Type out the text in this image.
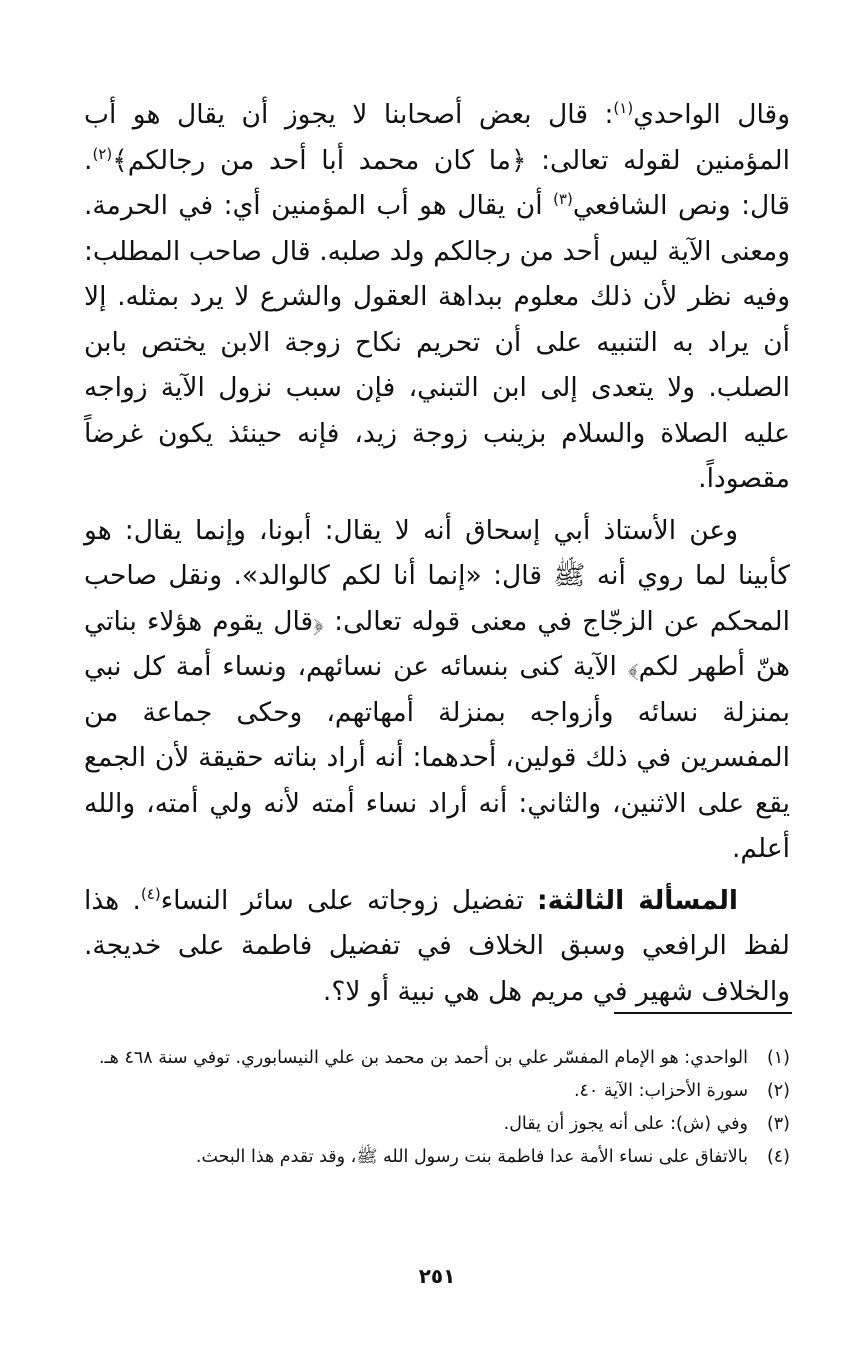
وقال الواحدي$^{(١)}$: قال بعض أصحابنا لا يجوز أن يقال هو أب المؤمنين لقوله تعالى: ﴿ما كان محمد أبا أحد من رجالكم﴾$^{(٢)}$. قال: ونص الشافعي$^{(٣)}$ أن يقال هو أب المؤمنين أي: في الحرمة. ومعنى الآية ليس أحد من رجالكم ولد صلبه. قال صاحب المطلب: وفيه نظر لأن ذلك معلوم ببداهة العقول والشرع لا يرد بمثله. إلا أن يراد به التنبيه على أن تحريم نكاح زوجة الابن يختص بابن الصلب. ولا يتعدى إلى ابن التبني، فإن سبب نزول الآية زواجه عليه الصلاة والسلام بزينب زوجة زيد، فإنه حينئذ يكون غرضاً مقصوداً.

وعن الأستاذ أبي إسحاق أنه لا يقال: أبونا، وإنما يقال: هو كأبينا لما روي أنه ﷺ قال: «إنما أنا لكم كالوالد». ونقل صاحب المحكم عن الزجّاج في معنى قوله تعالى: ﴿قال يقوم هؤلاء بناتي هنّ أطهر لكم﴾ الآية كنى بنسائه عن نسائهم، ونساء أمة كل نبي بمنزلة نسائه وأزواجه بمنزلة أمهاتهم، وحكى جماعة من المفسرين في ذلك قولين، أحدهما: أنه أراد بناته حقيقة لأن الجمع يقع على الاثنين، والثاني: أنه أراد نساء أمته لأنه ولي أمته، والله أعلم.

المسألة الثالثة: تفضيل زوجاته على سائر النساء$^{(٤)}$. هذا لفظ الرافعي وسبق الخلاف في تفضيل فاطمة على خديجة. والخلاف شهير في مريم هل هي نبية أو لا؟.

(١)
الواحدي: هو الإمام المفسّر علي بن أحمد بن محمد بن علي النيسابوري. توفي سنة ٤٦٨ هـ.
(٢)
سورة الأحزاب: الآية ٤٠.
(٣)
وفي (ش): على أنه يجوز أن يقال.
(٤)
بالاتفاق على نساء الأمة عدا فاطمة بنت رسول الله ﷺ، وقد تقدم هذا البحث.
٢٥١
